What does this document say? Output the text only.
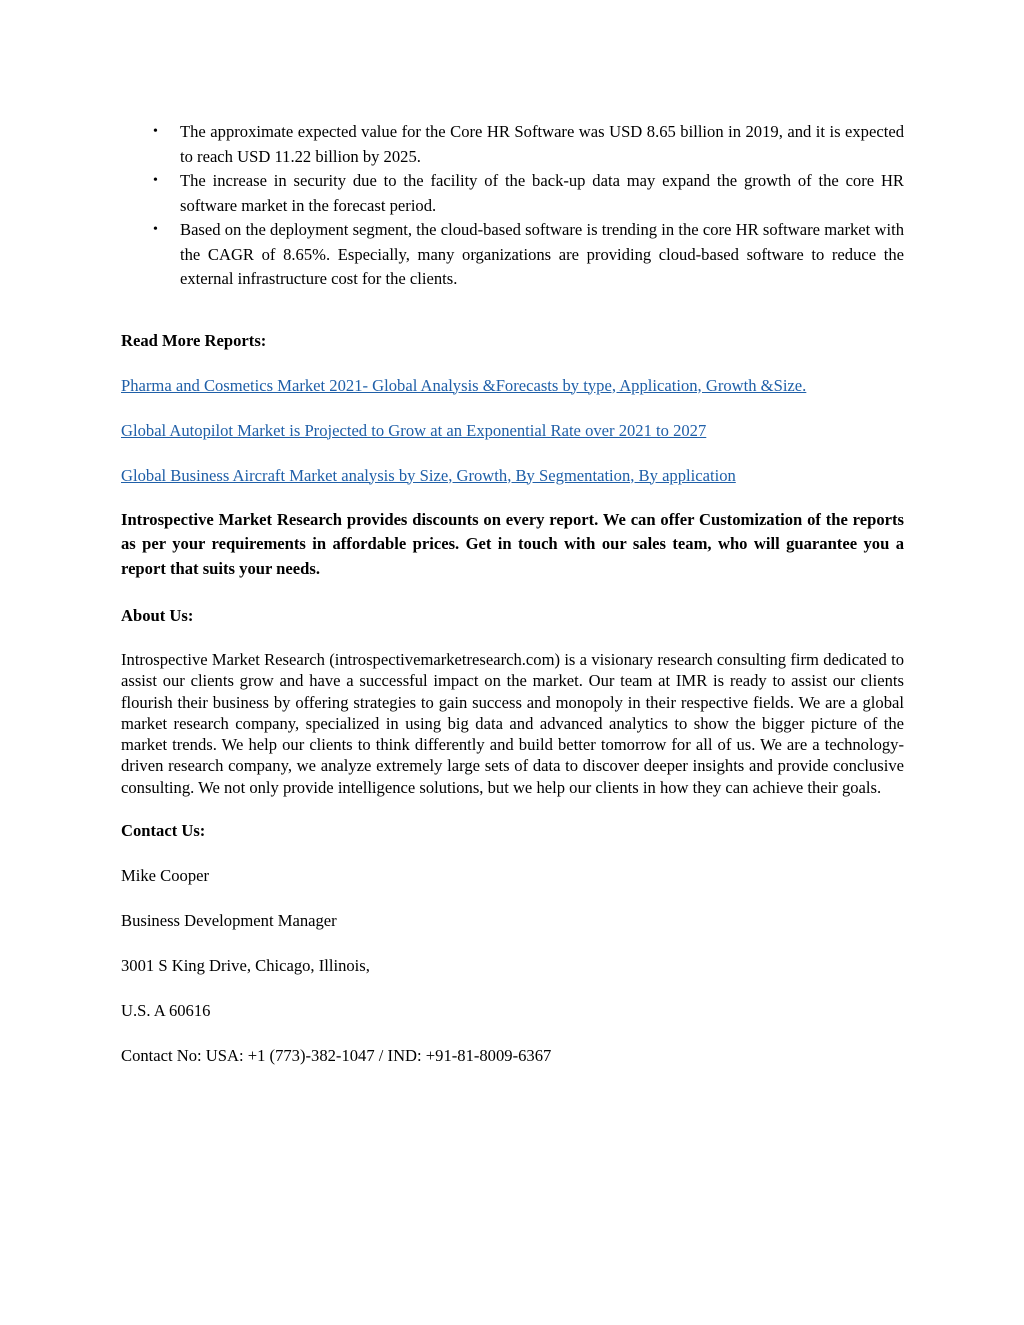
• The approximate expected value for the Core HR Software was USD 8.65 billion in 2019, and it is expected to reach USD 11.22 billion by 2025.
• The increase in security due to the facility of the back-up data may expand the growth of the core HR software market in the forecast period.
• Based on the deployment segment, the cloud-based software is trending in the core HR software market with the CAGR of 8.65%. Especially, many organizations are providing cloud-based software to reduce the external infrastructure cost for the clients.

Read More Reports:

Pharma and Cosmetics Market 2021- Global Analysis &Forecasts by type, Application, Growth &Size.
Global Autopilot Market is Projected to Grow at an Exponential Rate over 2021 to 2027
Global Business Aircraft Market analysis by Size, Growth, By Segmentation, By application

Introspective Market Research provides discounts on every report. We can offer Customization of the reports as per your requirements in affordable prices. Get in touch with our sales team, who will guarantee you a report that suits your needs.

About Us:

Introspective Market Research (introspectivemarketresearch.com) is a visionary research consulting firm dedicated to assist our clients grow and have a successful impact on the market. Our team at IMR is ready to assist our clients flourish their business by offering strategies to gain success and monopoly in their respective fields. We are a global market research company, specialized in using big data and advanced analytics to show the bigger picture of the market trends. We help our clients to think differently and build better tomorrow for all of us. We are a technology-driven research company, we analyze extremely large sets of data to discover deeper insights and provide conclusive consulting. We not only provide intelligence solutions, but we help our clients in how they can achieve their goals.

Contact Us:

Mike Cooper

Business Development Manager

3001 S King Drive, Chicago, Illinois,

U.S. A 60616

Contact No: USA: +1 (773)-382-1047 / IND: +91-81-8009-6367
